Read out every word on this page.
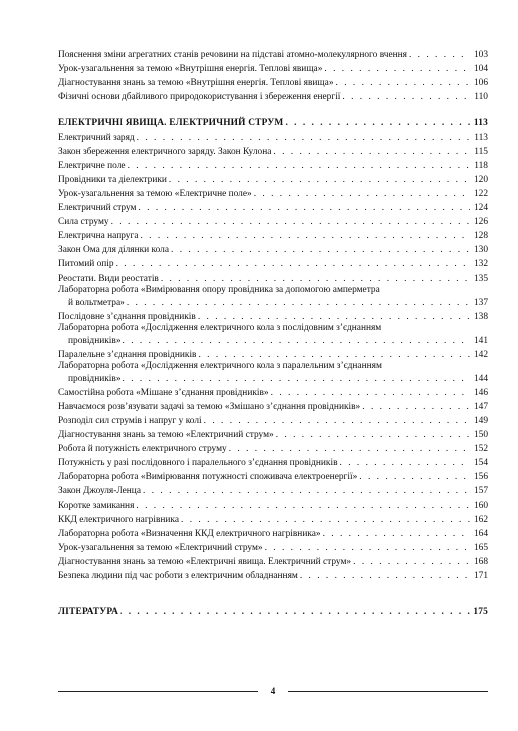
Пояснення зміни агрегатних станів речовини на підставі атомно-молекулярного вчення . . .	103
Урок-узагальнення за темою «Внутрішня енергія. Теплові явища» . . .	104
Діагностування знань за темою «Внутрішня енергія. Теплові явища» . . .	106
Фізичні основи дбайливого природокористування і збереження енергії . . .	110
ЕЛЕКТРИЧНІ ЯВИЩА. ЕЛЕКТРИЧНИЙ СТРУМ . . .	113
Електричний заряд . . .	113
Закон збереження електричного заряду. Закон Кулона . . .	115
Електричне поле . . .	118
Провідники та діелектрики . . .	120
Урок-узагальнення за темою «Електричне поле» . . .	122
Електричний струм . . .	124
Сила струму . . .	126
Електрична напруга . . .	128
Закон Ома для ділянки кола . . .	130
Питомий опір . . .	132
Реостати. Види реостатів . . .	135
Лабораторна робота «Вимірювання опору провідника за допомогою амперметра
й вольтметра» . . .	137
Послідовне з’єднання провідників . . .	138
Лабораторна робота «Дослідження електричного кола з послідовним з’єднанням
провідників» . . .	141
Паралельне з’єднання провідників . . .	142
Лабораторна робота «Дослідження електричного кола з паралельним з’єднанням
провідників» . . .	144
Самостійна робота «Мішане з’єднання провідників» . . .	146
Навчаємося розв’язувати задачі за темою «Змішано з’єднання провідників» . . .	147
Розподіл сил струмів і напруг у колі . . .	149
Діагностування знань за темою «Електричний струм» . . .	150
Робота й потужність електричного струму . . .	152
Потужність у разі послідовного і паралельного з’єднання провідників . . .	154
Лабораторна робота «Вимірювання потужності споживача електроенергії» . . .	156
Закон Джоуля-Ленца . . .	157
Коротке замикання . . .	160
ККД електричного нагрівника . . .	162
Лабораторна робота «Визначення ККД електричного нагрівника» . . .	164
Урок-узагальнення за темою «Електричний струм» . . .	165
Діагностування знань за темою «Електричні явища. Електричний струм» . . .	168
Безпека людини під час роботи з електричним обладнанням . . .	171
ЛІТЕРАТУРА . . .	175
4
